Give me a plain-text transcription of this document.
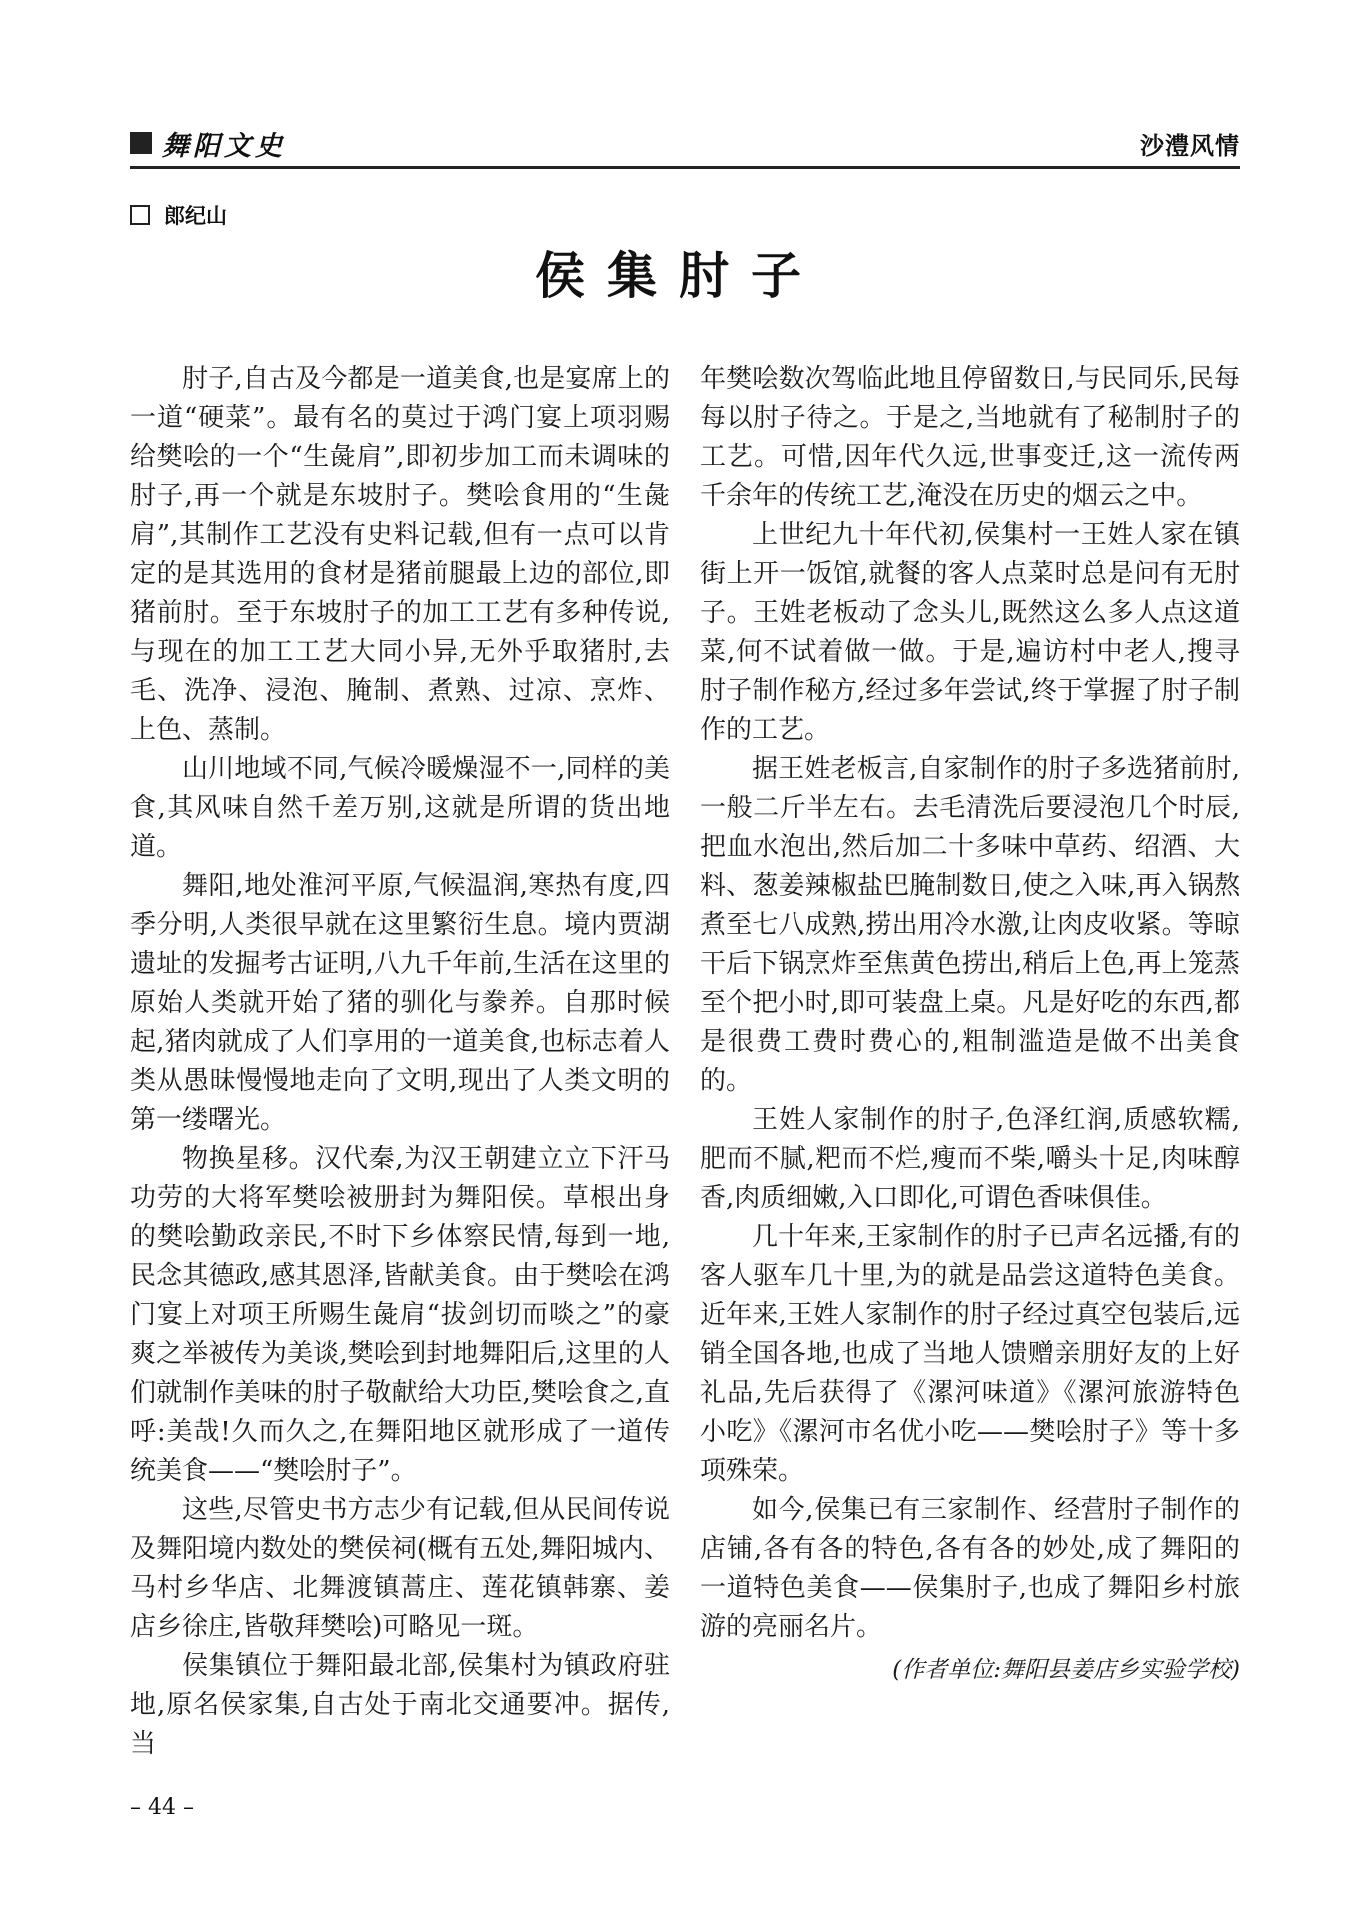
舞阳文史	沙澧风情
郎纪山
侯集肘子

肘子,自古及今都是一道美食,也是宴席上的一道“硬菜”。最有名的莫过于鸿门宴上项羽赐给樊哙的一个“生彘肩”,即初步加工而未调味的肘子,再一个就是东坡肘子。樊哙食用的“生彘肩”,其制作工艺没有史料记载,但有一点可以肯定的是其选用的食材是猪前腿最上边的部位,即猪前肘。至于东坡肘子的加工工艺有多种传说,与现在的加工工艺大同小异,无外乎取猪肘,去毛、洗净、浸泡、腌制、煮熟、过凉、烹炸、上色、蒸制。

山川地域不同,气候冷暖燥湿不一,同样的美食,其风味自然千差万别,这就是所谓的货出地道。

舞阳,地处淮河平原,气候温润,寒热有度,四季分明,人类很早就在这里繁衍生息。境内贾湖遗址的发掘考古证明,八九千年前,生活在这里的原始人类就开始了猪的驯化与豢养。自那时候起,猪肉就成了人们享用的一道美食,也标志着人类从愚昧慢慢地走向了文明,现出了人类文明的第一缕曙光。

物换星移。汉代秦,为汉王朝建立立下汗马功劳的大将军樊哙被册封为舞阳侯。草根出身的樊哙勤政亲民,不时下乡体察民情,每到一地,民念其德政,感其恩泽,皆献美食。由于樊哙在鸿门宴上对项王所赐生彘肩“拔剑切而啖之”的豪爽之举被传为美谈,樊哙到封地舞阳后,这里的人们就制作美味的肘子敬献给大功臣,樊哙食之,直呼:美哉!久而久之,在舞阳地区就形成了一道传统美食——“樊哙肘子”。

这些,尽管史书方志少有记载,但从民间传说及舞阳境内数处的樊侯祠(概有五处,舞阳城内、马村乡华店、北舞渡镇蒿庄、莲花镇韩寨、姜店乡徐庄,皆敬拜樊哙)可略见一斑。

侯集镇位于舞阳最北部,侯集村为镇政府驻地,原名侯家集,自古处于南北交通要冲。据传,当

年樊哙数次驾临此地且停留数日,与民同乐,民每每以肘子待之。于是之,当地就有了秘制肘子的工艺。可惜,因年代久远,世事变迁,这一流传两千余年的传统工艺,淹没在历史的烟云之中。

上世纪九十年代初,侯集村一王姓人家在镇街上开一饭馆,就餐的客人点菜时总是问有无肘子。王姓老板动了念头儿,既然这么多人点这道菜,何不试着做一做。于是,遍访村中老人,搜寻肘子制作秘方,经过多年尝试,终于掌握了肘子制作的工艺。

据王姓老板言,自家制作的肘子多选猪前肘,一般二斤半左右。去毛清洗后要浸泡几个时辰,把血水泡出,然后加二十多味中草药、绍酒、大料、葱姜辣椒盐巴腌制数日,使之入味,再入锅熬煮至七八成熟,捞出用冷水激,让肉皮收紧。等晾干后下锅烹炸至焦黄色捞出,稍后上色,再上笼蒸至个把小时,即可装盘上桌。凡是好吃的东西,都是很费工费时费心的,粗制滥造是做不出美食的。

王姓人家制作的肘子,色泽红润,质感软糯,肥而不腻,粑而不烂,瘦而不柴,嚼头十足,肉味醇香,肉质细嫩,入口即化,可谓色香味俱佳。

几十年来,王家制作的肘子已声名远播,有的客人驱车几十里,为的就是品尝这道特色美食。近年来,王姓人家制作的肘子经过真空包装后,远销全国各地,也成了当地人馈赠亲朋好友的上好礼品,先后获得了《漯河味道》《漯河旅游特色小吃》《漯河市名优小吃——樊哙肘子》等十多项殊荣。

如今,侯集已有三家制作、经营肘子制作的店铺,各有各的特色,各有各的妙处,成了舞阳的一道特色美食——侯集肘子,也成了舞阳乡村旅游的亮丽名片。

(作者单位:舞阳县姜店乡实验学校)
– 44 –
